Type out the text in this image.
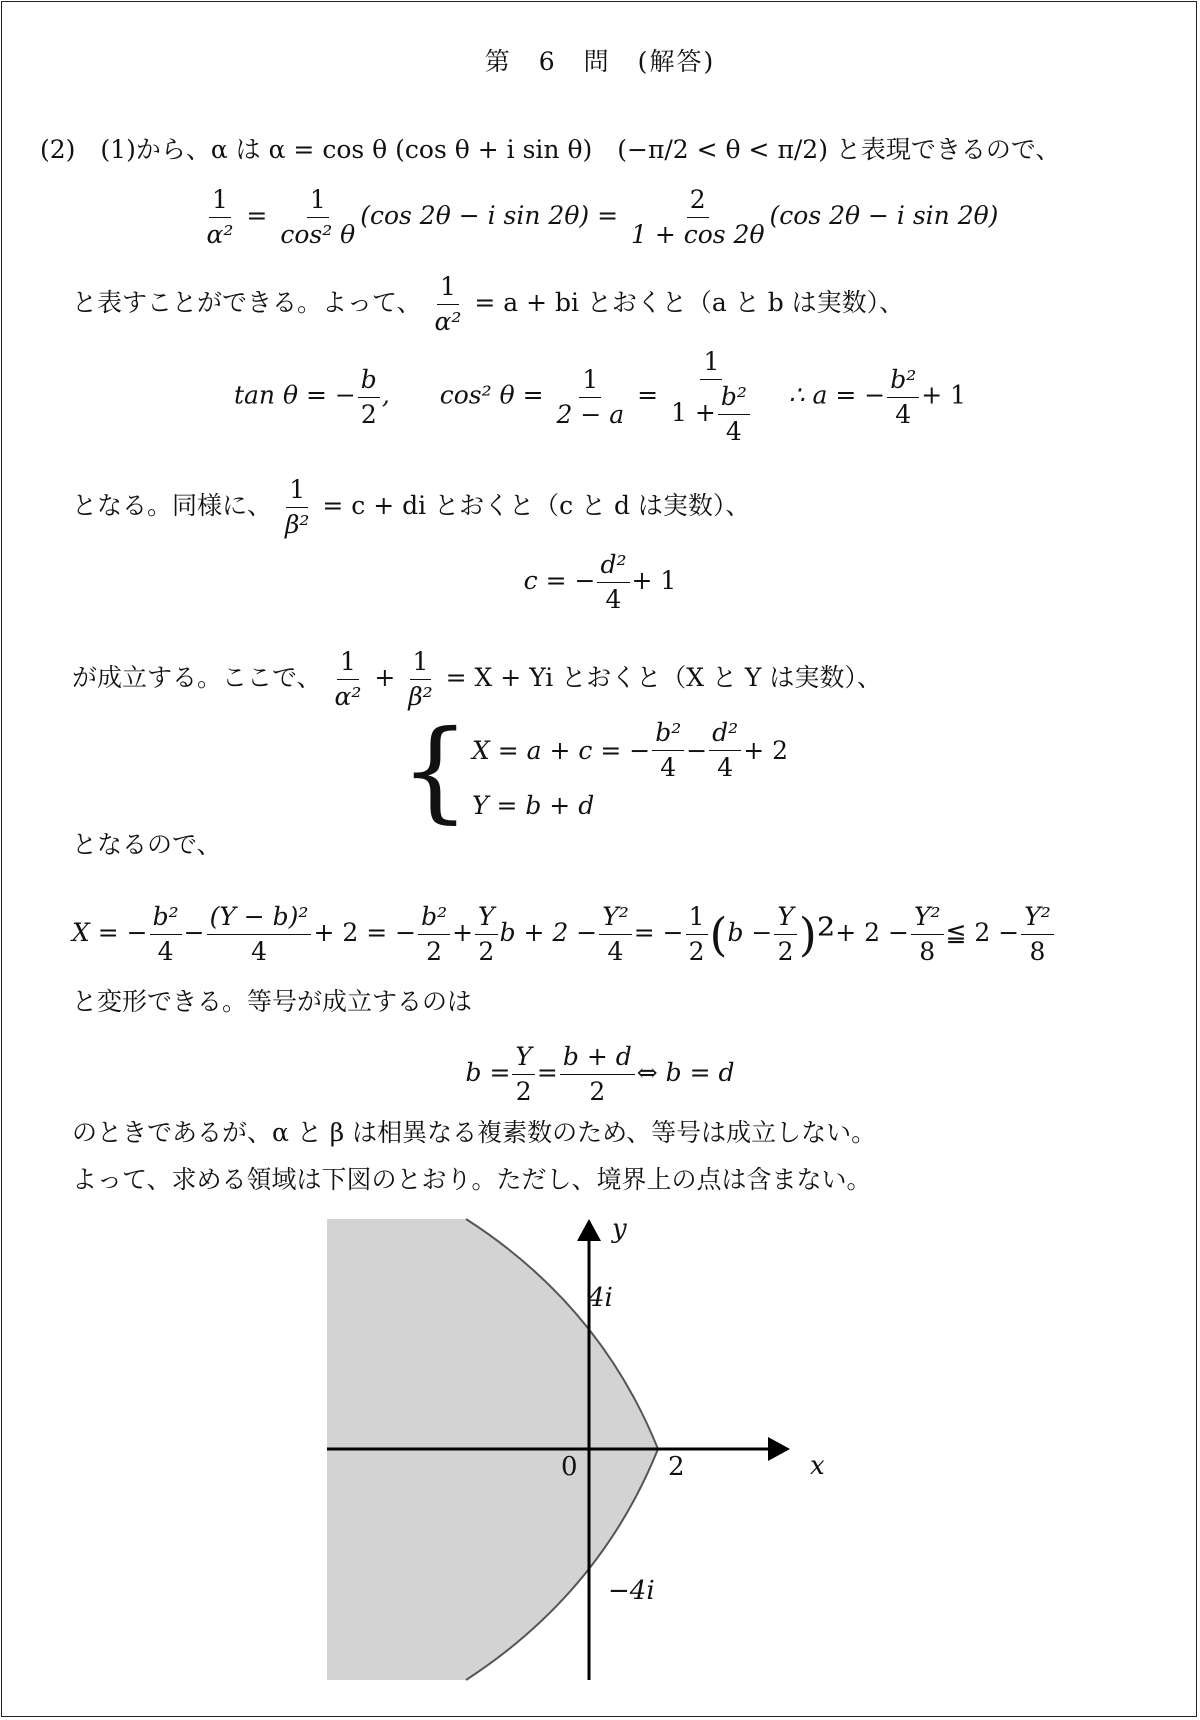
第　6　問　(解答)
(2)　(1)から、α は α = cos θ (cos θ + i sin θ)　(−π/2 < θ < π/2) と表現できるので、
$\frac{1}{\text{α²}} = \frac{1}{\text{cos² θ}} (\cos$ 2θ − i $\sin 2\theta) = \frac{2}{1 + \cos 2\theta} (\cos$ 2θ − i sin 2θ)
と表すことができる。よって、 $\frac{1}{\text{α²}} = a$ + bi とおくと（a と b は実数）、
tan θ = − $\frac{b}{2}$ ,　　cos² $\theta = \frac{1}{2 - a} = \frac{1}{1 + \frac{\text{b²}}{4}}$ ∴ a = − $\frac{\text{b²}}{4} + 1$
となる。同様に、 $\frac{1}{\text{β²}} = c$ + di とおくと（c と d は実数）、
c = − $\frac{\text{d²}}{4} + 1$
が成立する。ここで、 $\frac{1}{\text{α²}} + \frac{1}{\text{β²}} = X + Yi$ とおくと（X と Y は実数）、
{ X = a + c = − $\frac{\text{b²}}{4} - \frac{\text{d²}}{4} + 2$
Y = b + d
となるので、
X = − $\frac{\text{b²}}{4} - \frac{\text{(Y − b)²}}{4} + 2$ = − $\frac{\text{b²}}{2} + \frac{Y}{2}$ $b + 2 - \frac{\text{Y²}}{4}$ = − $\frac{1}{2} (b - \frac{Y}{2} )^2+ 2 - \frac{\text{Y²}}{8}$ ≦ $2 - \frac{\text{Y²}}{8}$
と変形できる。等号が成立するのは
$b = \frac{Y}{2} = \frac{b + d}{2}$ ⇔ b = d
のときであるが、α と β は相異なる複素数のため、等号は成立しない。
よって、求める領域は下図のとおり。ただし、境界上の点は含まない。
y
x
0	2
4i
−4i
